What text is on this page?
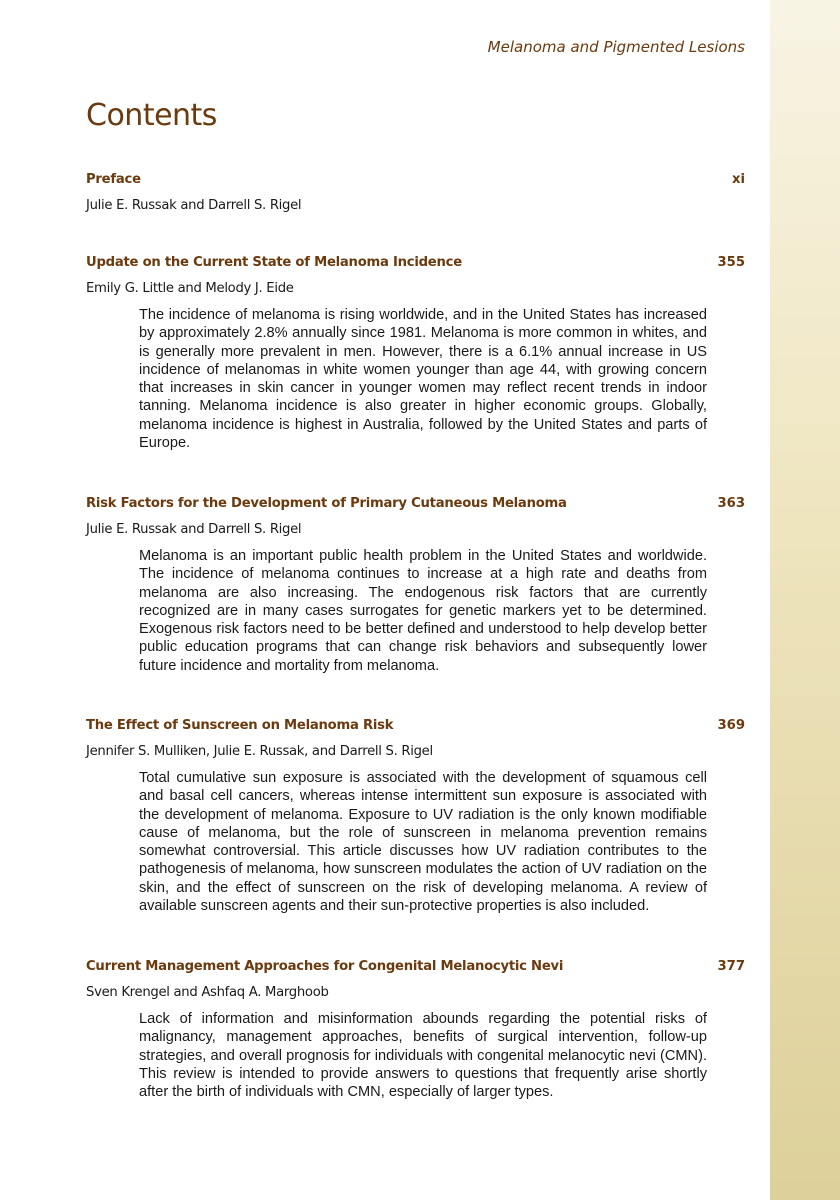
Melanoma and Pigmented Lesions
Contents
Preface	xi
Julie E. Russak and Darrell S. Rigel
Update on the Current State of Melanoma Incidence	355
Emily G. Little and Melody J. Eide

The incidence of melanoma is rising worldwide, and in the United States has increased by approximately 2.8% annually since 1981. Melanoma is more common in whites, and is generally more prevalent in men. However, there is a 6.1% annual increase in US incidence of melanomas in white women younger than age 44, with growing concern that increases in skin cancer in younger women may reflect recent trends in indoor tanning. Melanoma incidence is also greater in higher economic groups. Globally, melanoma incidence is highest in Australia, followed by the United States and parts of Europe.

Risk Factors for the Development of Primary Cutaneous Melanoma	363
Julie E. Russak and Darrell S. Rigel

Melanoma is an important public health problem in the United States and worldwide. The incidence of melanoma continues to increase at a high rate and deaths from melanoma are also increasing. The endogenous risk factors that are currently recognized are in many cases surrogates for genetic markers yet to be determined. Exogenous risk factors need to be better defined and understood to help develop better public education programs that can change risk behaviors and subsequently lower future incidence and mortality from melanoma.

The Effect of Sunscreen on Melanoma Risk	369
Jennifer S. Mulliken, Julie E. Russak, and Darrell S. Rigel

Total cumulative sun exposure is associated with the development of squamous cell and basal cell cancers, whereas intense intermittent sun exposure is associated with the development of melanoma. Exposure to UV radiation is the only known modifiable cause of melanoma, but the role of sunscreen in melanoma prevention remains somewhat controversial. This article discusses how UV radiation contributes to the pathogenesis of melanoma, how sunscreen modulates the action of UV radiation on the skin, and the effect of sunscreen on the risk of developing melanoma. A review of available sunscreen agents and their sun-protective properties is also included.

Current Management Approaches for Congenital Melanocytic Nevi	377
Sven Krengel and Ashfaq A. Marghoob

Lack of information and misinformation abounds regarding the potential risks of malignancy, management approaches, benefits of surgical intervention, follow-up strategies, and overall prognosis for individuals with congenital melanocytic nevi (CMN). This review is intended to provide answers to questions that frequently arise shortly after the birth of individuals with CMN, especially of larger types.
